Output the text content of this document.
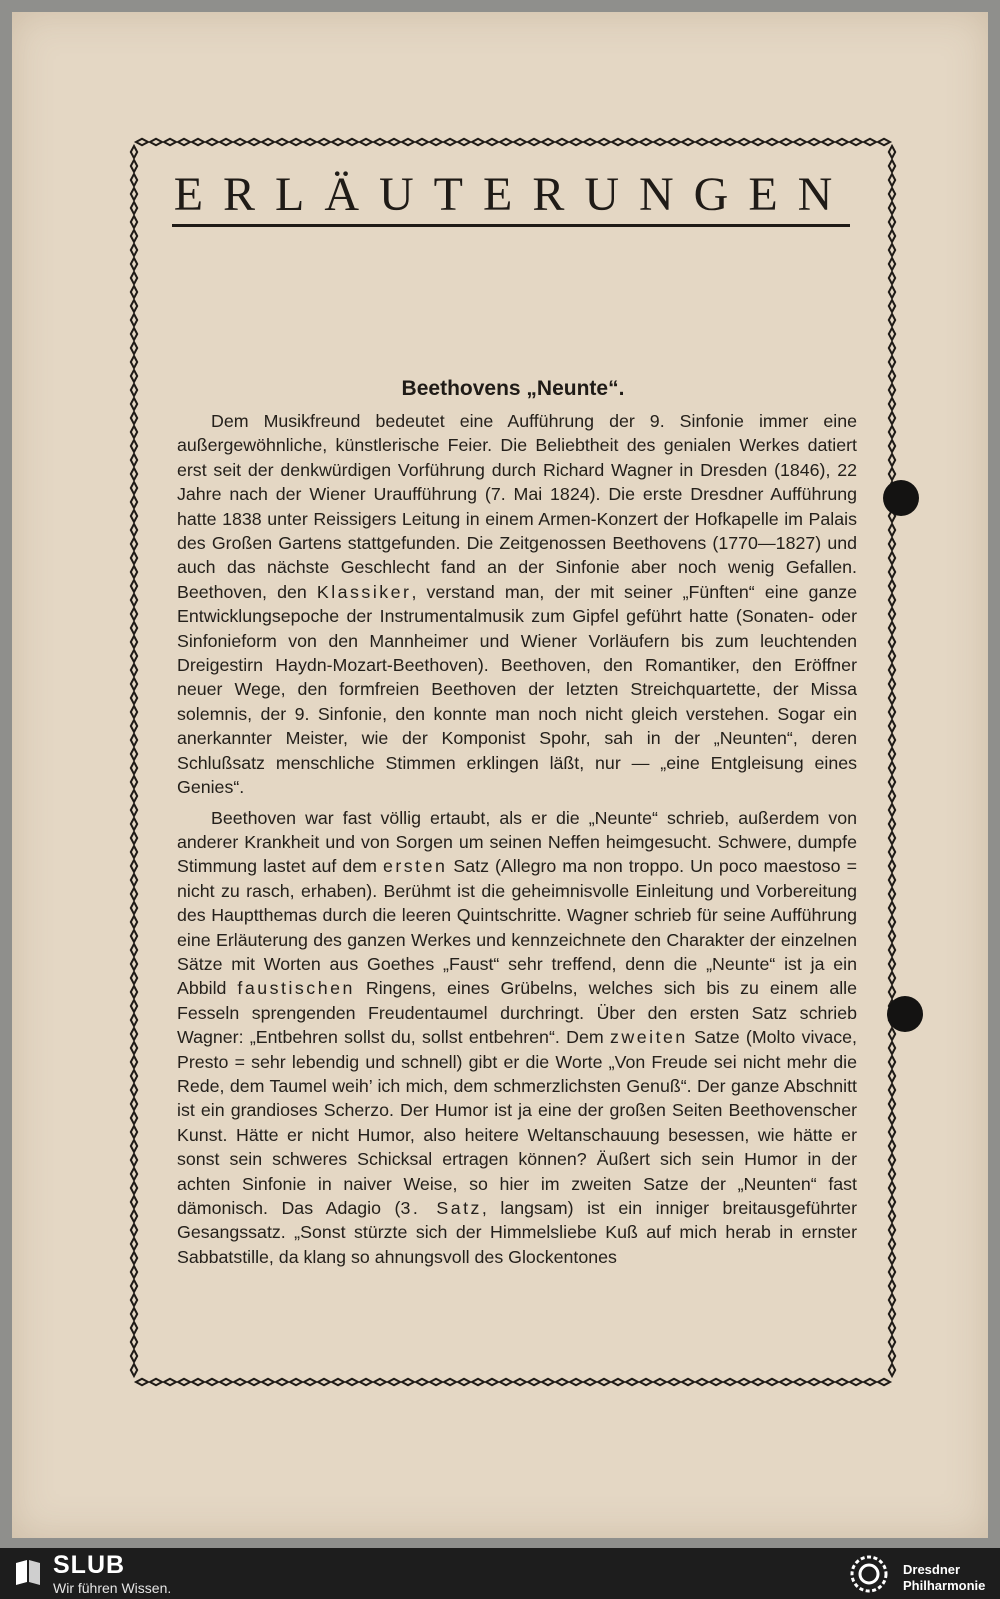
ERLÄUTERUNGEN
Beethovens „Neunte“.

Dem Musikfreund bedeutet eine Aufführung der 9. Sinfonie immer eine außergewöhnliche, künstlerische Feier. Die Beliebtheit des genialen Werkes datiert erst seit der denkwürdigen Vorführung durch Richard Wagner in Dresden (1846), 22 Jahre nach der Wiener Uraufführung (7. Mai 1824). Die erste Dresdner Aufführung hatte 1838 unter Reissigers Leitung in einem Armen-Konzert der Hofkapelle im Palais des Großen Gartens stattgefunden. Die Zeitgenossen Beethovens (1770—1827) und auch das nächste Geschlecht fand an der Sinfonie aber noch wenig Gefallen. Beethoven, den Klassiker, verstand man, der mit seiner „Fünften“ eine ganze Entwicklungsepoche der Instrumentalmusik zum Gipfel geführt hatte (Sonaten- oder Sinfonieform von den Mannheimer und Wiener Vorläufern bis zum leuchtenden Dreigestirn Haydn-Mozart-Beethoven). Beethoven, den Romantiker, den Eröffner neuer Wege, den formfreien Beethoven der letzten Streichquartette, der Missa solemnis, der 9. Sinfonie, den konnte man noch nicht gleich verstehen. Sogar ein anerkannter Meister, wie der Komponist Spohr, sah in der „Neunten“, deren Schlußsatz menschliche Stimmen erklingen läßt, nur — „eine Entgleisung eines Genies“.

Beethoven war fast völlig ertaubt, als er die „Neunte“ schrieb, außerdem von anderer Krankheit und von Sorgen um seinen Neffen heimgesucht. Schwere, dumpfe Stimmung lastet auf dem ersten Satz (Allegro ma non troppo. Un poco maestoso = nicht zu rasch, erhaben). Berühmt ist die geheimnisvolle Einleitung und Vorbereitung des Hauptthemas durch die leeren Quintschritte. Wagner schrieb für seine Aufführung eine Erläuterung des ganzen Werkes und kennzeichnete den Charakter der einzelnen Sätze mit Worten aus Goethes „Faust“ sehr treffend, denn die „Neunte“ ist ja ein Abbild faustischen Ringens, eines Grübelns, welches sich bis zu einem alle Fesseln sprengenden Freudentaumel durchringt. Über den ersten Satz schrieb Wagner: „Entbehren sollst du, sollst entbehren“. Dem zweiten Satze (Molto vivace, Presto = sehr lebendig und schnell) gibt er die Worte „Von Freude sei nicht mehr die Rede, dem Taumel weih’ ich mich, dem schmerzlichsten Genuß“. Der ganze Abschnitt ist ein grandioses Scherzo. Der Humor ist ja eine der großen Seiten Beethovenscher Kunst. Hätte er nicht Humor, also heitere Weltanschauung besessen, wie hätte er sonst sein schweres Schicksal ertragen können? Äußert sich sein Humor in der achten Sinfonie in naiver Weise, so hier im zweiten Satze der „Neunten“ fast dämonisch. Das Adagio (3. Satz, langsam) ist ein inniger breitausgeführter Gesangssatz. „Sonst stürzte sich der Himmelsliebe Kuß auf mich herab in ernster Sabbatstille, da klang so ahnungsvoll des Glockentones

SLUB
Wir führen Wissen.
Dresdner
Philharmonie
